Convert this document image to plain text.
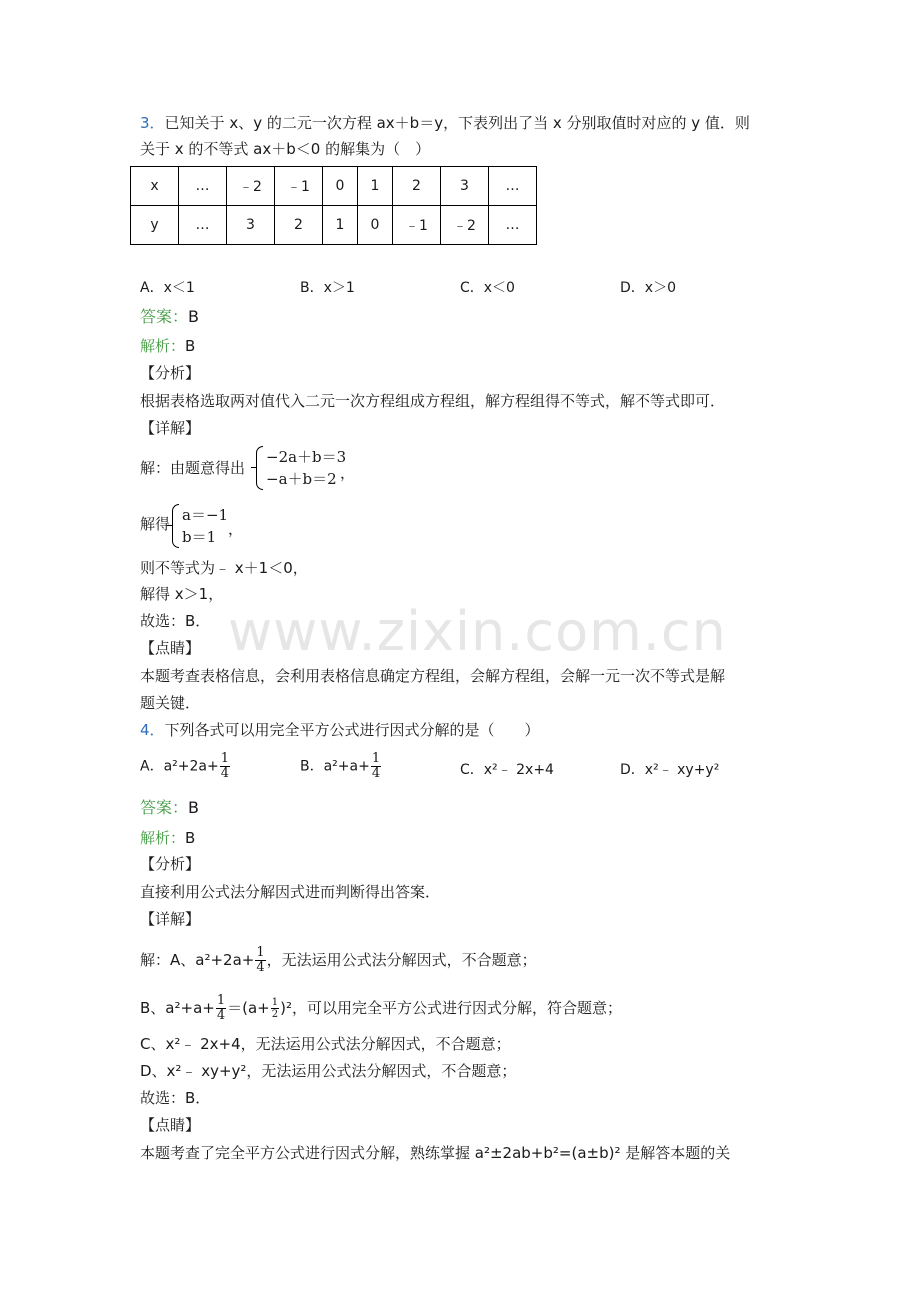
3．已知关于 x、y 的二元一次方程 ax＋b＝y，下表列出了当 x 分别取值时对应的 y 值．则
关于 x 的不等式 ax＋b＜0 的解集为（　）
x	…	﹣2	﹣1	0	1	2	3	…
y	…	3	2	1	0	﹣1	﹣2	…
A．x＜1	B．x＞1	C．x＜0	D．x＞0
答案：B
解析：B
【分析】
根据表格选取两对值代入二元一次方程组成方程组，解方程组得不等式，解不等式即可．
【详解】
解：由题意得出
−2a＋b＝3
−a＋b＝2 ，
解得 a＝−1
b＝1 ，
则不等式为﹣ x＋1＜0，
解得 x＞1，
故选：B．
【点睛】
本题考查表格信息，会利用表格信息确定方程组，会解方程组，会解一元一次不等式是解
题关键．
4．下列各式可以用完全平方公式进行因式分解的是（　　）
A．$a^2+2a+ \frac{1}{4}$	B．$a^2+a+ \frac{1}{4}$	C．x²﹣ 2x+4	D．x²﹣ xy+y²
答案：B
解析：B
【分析】
直接利用公式法分解因式进而判断得出答案．
【详解】
解：A、$a^2+2a+ \frac{1}{4}$ ，无法运用公式法分解因式，不合题意；
B、$a^2+a+ \frac{1}{4} =(a+ \frac{1}{2} )^2$，可以用完全平方公式进行因式分解，符合题意；
C、x²﹣ 2x+4，无法运用公式法分解因式，不合题意；
D、x²﹣ xy+y²，无法运用公式法分解因式，不合题意；
故选：B．
【点睛】
本题考查了完全平方公式进行因式分解，熟练掌握 a²±2ab+b²=(a±b)² 是解答本题的关
www.zixin.com.cn
